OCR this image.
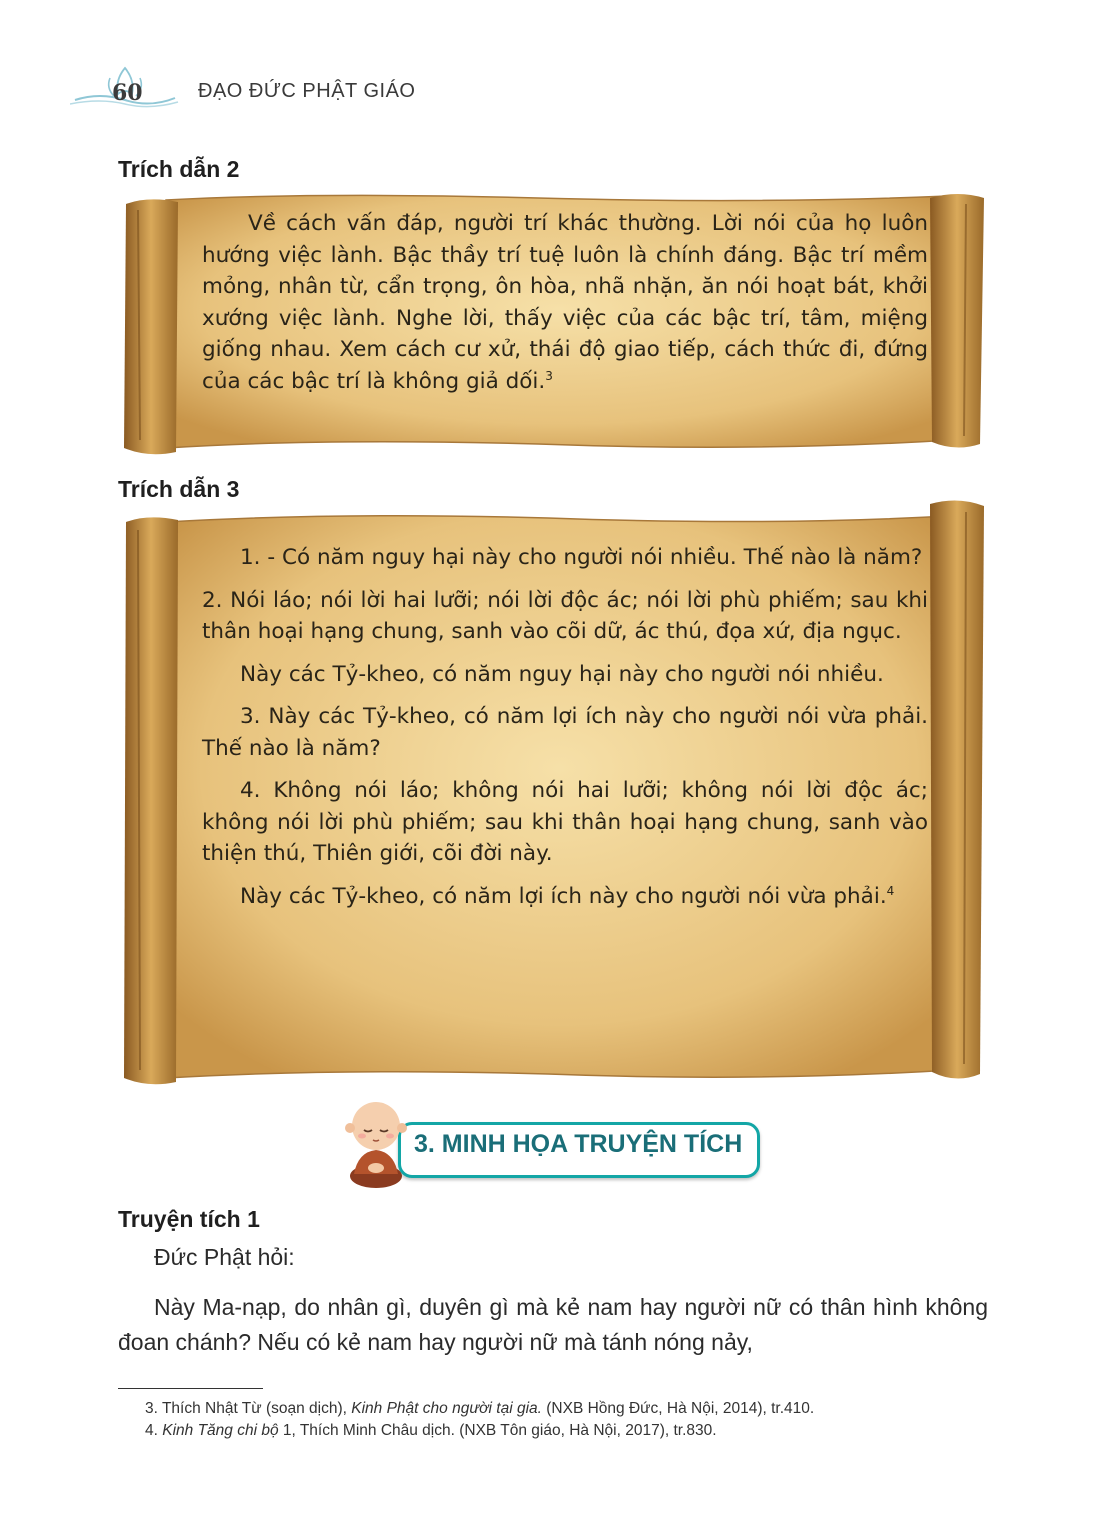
60	ĐẠO ĐỨC PHẬT GIÁO
Trích dẫn 2

Về cách vấn đáp, người trí khác thường. Lời nói của họ luôn hướng việc lành. Bậc thầy trí tuệ luôn là chính đáng. Bậc trí mềm mỏng, nhân từ, cẩn trọng, ôn hòa, nhã nhặn, ăn nói hoạt bát, khởi xướng việc lành. Nghe lời, thấy việc của các bậc trí, tâm, miệng giống nhau. Xem cách cư xử, thái độ giao tiếp, cách thức đi, đứng của các bậc trí là không giả dối.$^3$

Trích dẫn 3

1. - Có năm nguy hại này cho người nói nhiều. Thế nào là năm?

2. Nói láo; nói lời hai lưỡi; nói lời độc ác; nói lời phù phiếm; sau khi thân hoại hạng chung, sanh vào cõi dữ, ác thú, đọa xứ, địa ngục.

Này các Tỷ-kheo, có năm nguy hại này cho người nói nhiều.

3. Này các Tỷ-kheo, có năm lợi ích này cho người nói vừa phải. Thế nào là năm?

4. Không nói láo; không nói hai lưỡi; không nói lời độc ác; không nói lời phù phiếm; sau khi thân hoại hạng chung, sanh vào thiện thú, Thiên giới, cõi đời này.

Này các Tỷ-kheo, có năm lợi ích này cho người nói vừa phải.$^4$

3. MINH HỌA TRUYỆN TÍCH
Truyện tích 1
Đức Phật hỏi:
Này Ma-nạp, do nhân gì, duyên gì mà kẻ nam hay người nữ có thân hình không đoan chánh? Nếu có kẻ nam hay người nữ mà tánh nóng nảy,

3. Thích Nhật Từ (soạn dịch), Kinh Phật cho người tại gia. (NXB Hồng Đức, Hà Nội, 2014), tr.410.

4. Kinh Tăng chi bộ 1, Thích Minh Châu dịch. (NXB Tôn giáo, Hà Nội, 2017), tr.830.
